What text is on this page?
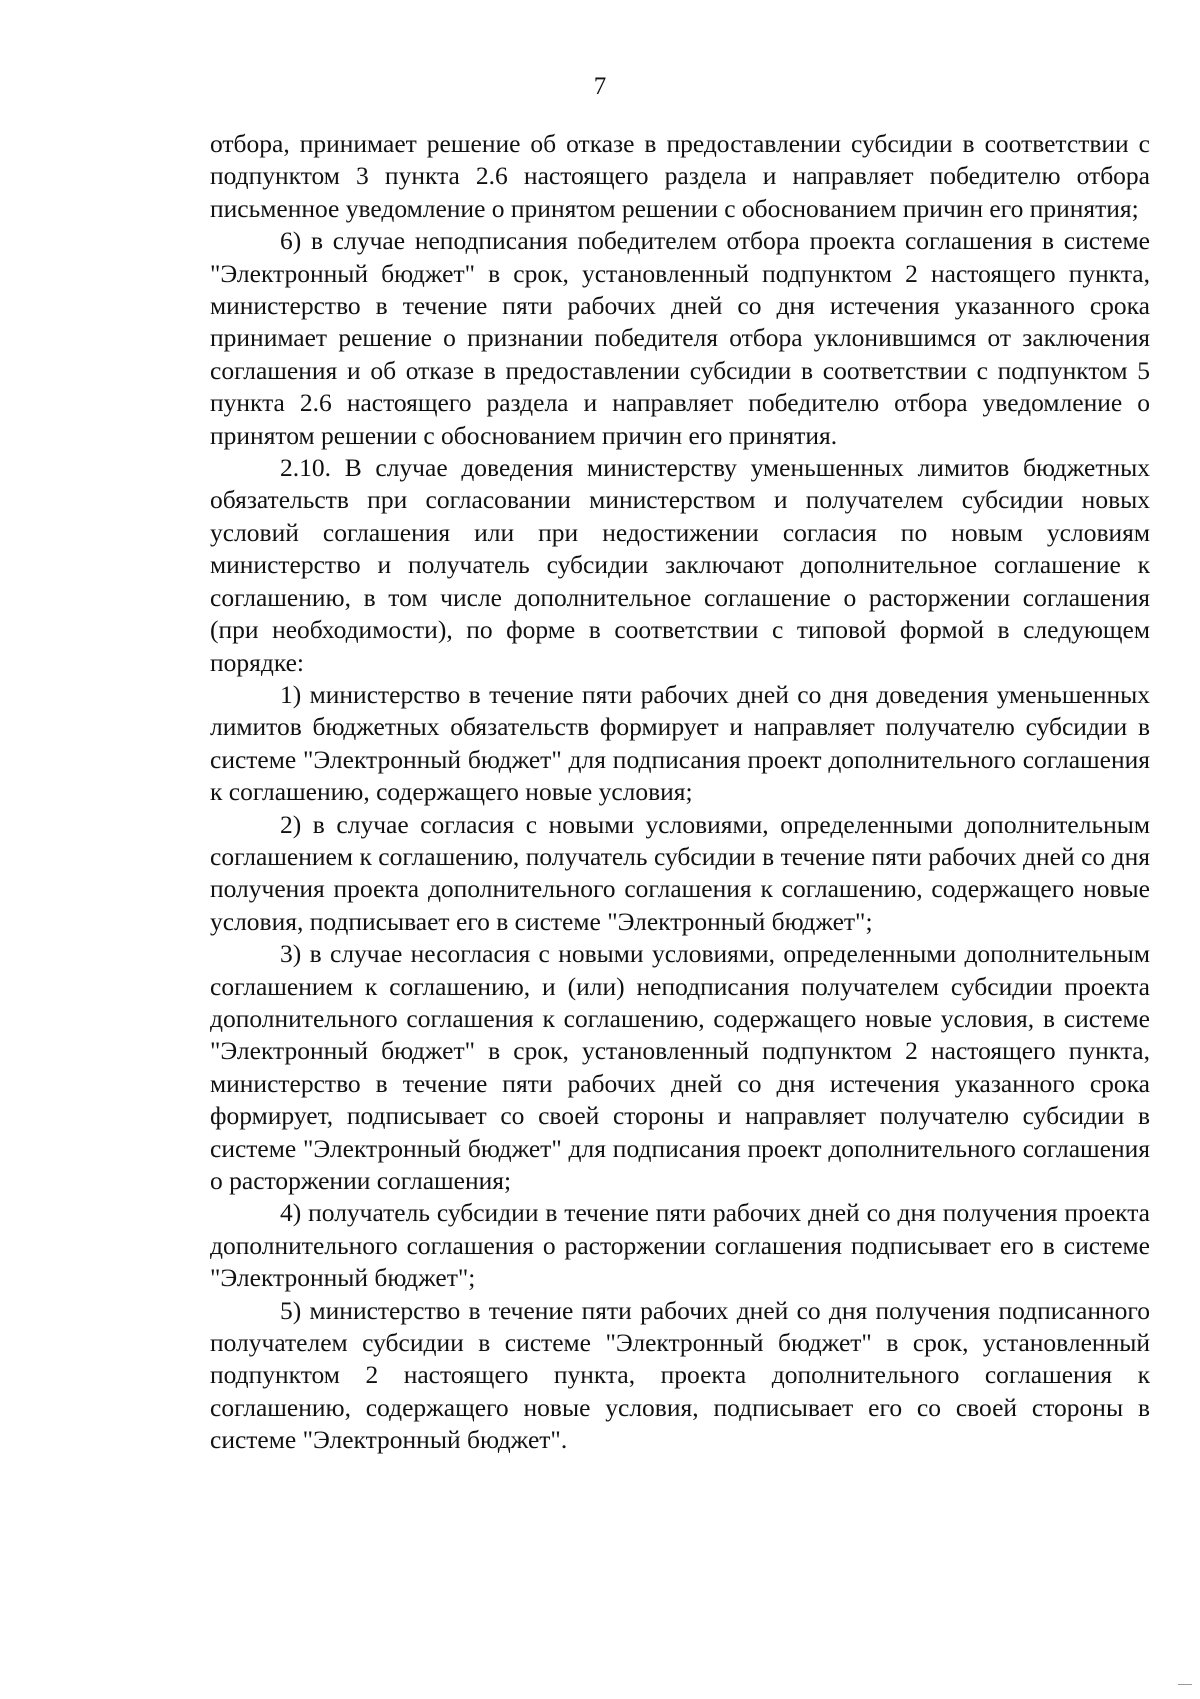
7

отбора, принимает решение об отказе в предоставлении субсидии в соответствии с подпунктом 3 пункта 2.6 настоящего раздела и направляет победителю отбора письменное уведомление о принятом решении с обоснованием причин его принятия;

6) в случае неподписания победителем отбора проекта соглашения в системе "Электронный бюджет" в срок, установленный подпунктом 2 настоящего пункта, министерство в течение пяти рабочих дней со дня истечения указанного срока принимает решение о признании победителя отбора уклонившимся от заключения соглашения и об отказе в предоставлении субсидии в соответствии с подпунктом 5 пункта 2.6 настоящего раздела и направляет победителю отбора уведомление о принятом решении с обоснованием причин его принятия.

2.10. В случае доведения министерству уменьшенных лимитов бюджетных обязательств при согласовании министерством и получателем субсидии новых условий соглашения или при недостижении согласия по новым условиям министерство и получатель субсидии заключают дополнительное соглашение к соглашению, в том числе дополнительное соглашение о расторжении соглашения (при необходимости), по форме в соответствии с типовой формой в следующем порядке:

1) министерство в течение пяти рабочих дней со дня доведения уменьшенных лимитов бюджетных обязательств формирует и направляет получателю субсидии в системе "Электронный бюджет" для подписания проект дополнительного соглашения к соглашению, содержащего новые условия;

2) в случае согласия с новыми условиями, определенными дополнительным соглашением к соглашению, получатель субсидии в течение пяти рабочих дней со дня получения проекта дополнительного соглашения к соглашению, содержащего новые условия, подписывает его в системе "Электронный бюджет";

3) в случае несогласия с новыми условиями, определенными дополнительным соглашением к соглашению, и (или) неподписания получателем субсидии проекта дополнительного соглашения к соглашению, содержащего новые условия, в системе "Электронный бюджет" в срок, установленный подпунктом 2 настоящего пункта, министерство в течение пяти рабочих дней со дня истечения указанного срока формирует, подписывает со своей стороны и направляет получателю субсидии в системе "Электронный бюджет" для подписания проект дополнительного соглашения о расторжении соглашения;

4) получатель субсидии в течение пяти рабочих дней со дня получения проекта дополнительного соглашения о расторжении соглашения подписывает его в системе "Электронный бюджет";

5) министерство в течение пяти рабочих дней со дня получения подписанного получателем субсидии в системе "Электронный бюджет" в срок, установленный подпунктом 2 настоящего пункта, проекта дополнительного соглашения к соглашению, содержащего новые условия, подписывает его со своей стороны в системе "Электронный бюджет".
